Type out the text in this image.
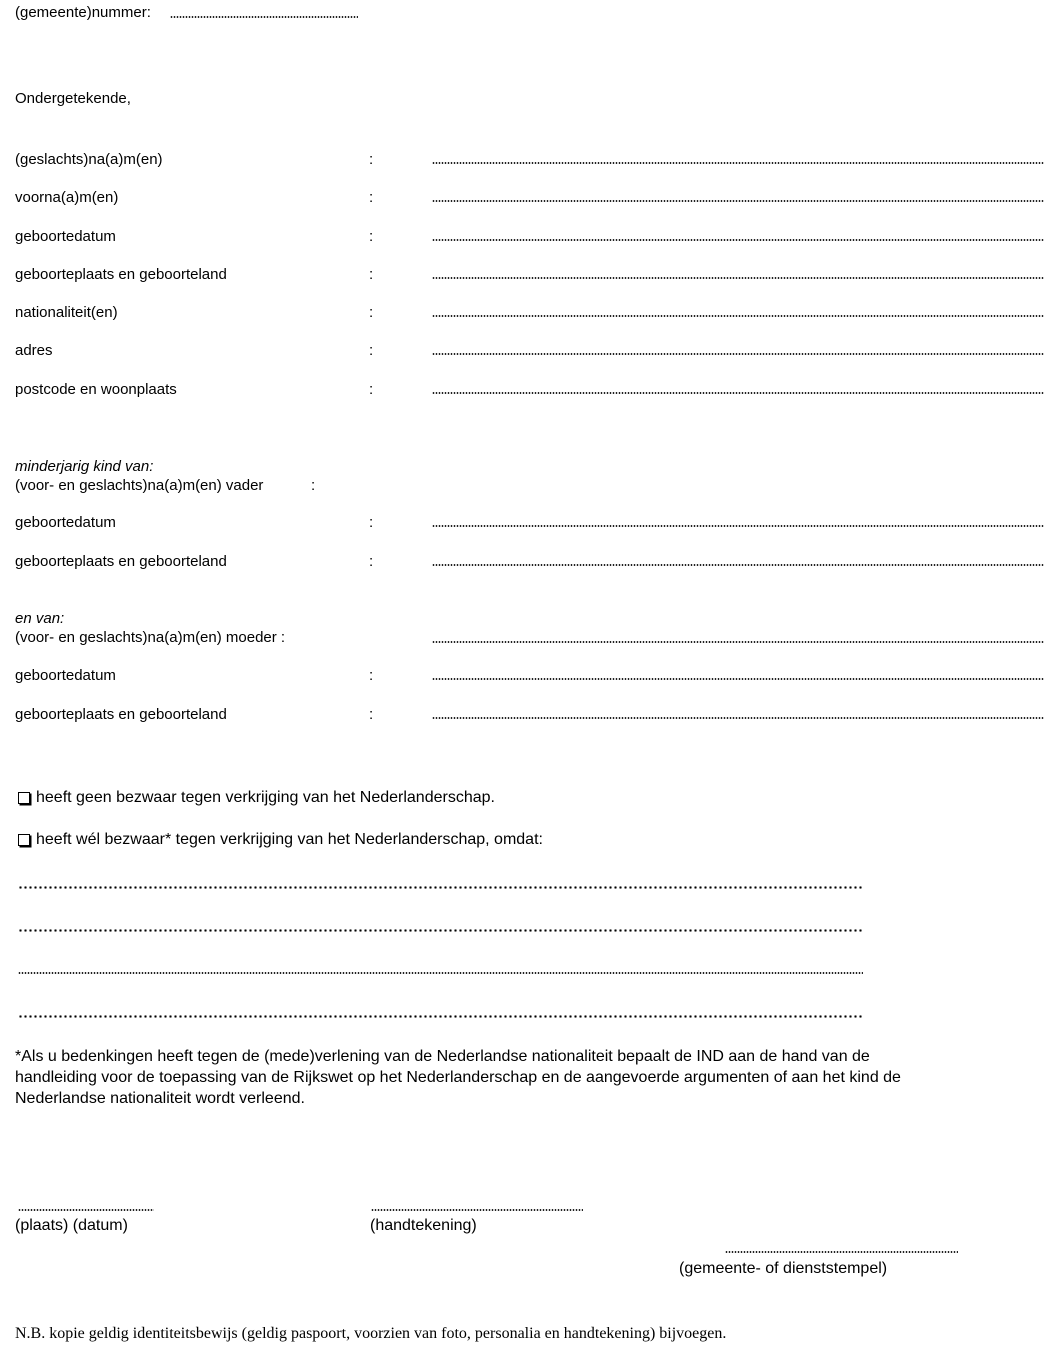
(gemeente)nummer:
Ondergetekende,
(geslachts)na(a)m(en)	:
voorna(a)m(en)	:
geboortedatum	:
geboorteplaats en geboorteland	:
nationaliteit(en)	:
adres	:
postcode en woonplaats	:
minderjarig kind van:
(voor- en geslachts)na(a)m(en) vader	:
geboortedatum	:
geboorteplaats en geboorteland	:
en van:
(voor- en geslachts)na(a)m(en) moeder :
geboortedatum	:
geboorteplaats en geboorteland	:
heeft geen bezwaar tegen verkrijging van het Nederlanderschap.
heeft wél bezwaar* tegen verkrijging van het Nederlanderschap, omdat:
*Als u bedenkingen heeft tegen de (mede)verlening van de Nederlandse nationaliteit bepaalt de IND aan de hand van de handleiding voor de toepassing van de Rijkswet op het Nederlanderschap en de aangevoerde argumenten of aan het kind de Nederlandse nationaliteit wordt verleend.
(plaats) (datum)	(handtekening)
(gemeente- of dienststempel)
N.B. kopie geldig identiteitsbewijs (geldig paspoort, voorzien van foto, personalia en handtekening) bijvoegen.
